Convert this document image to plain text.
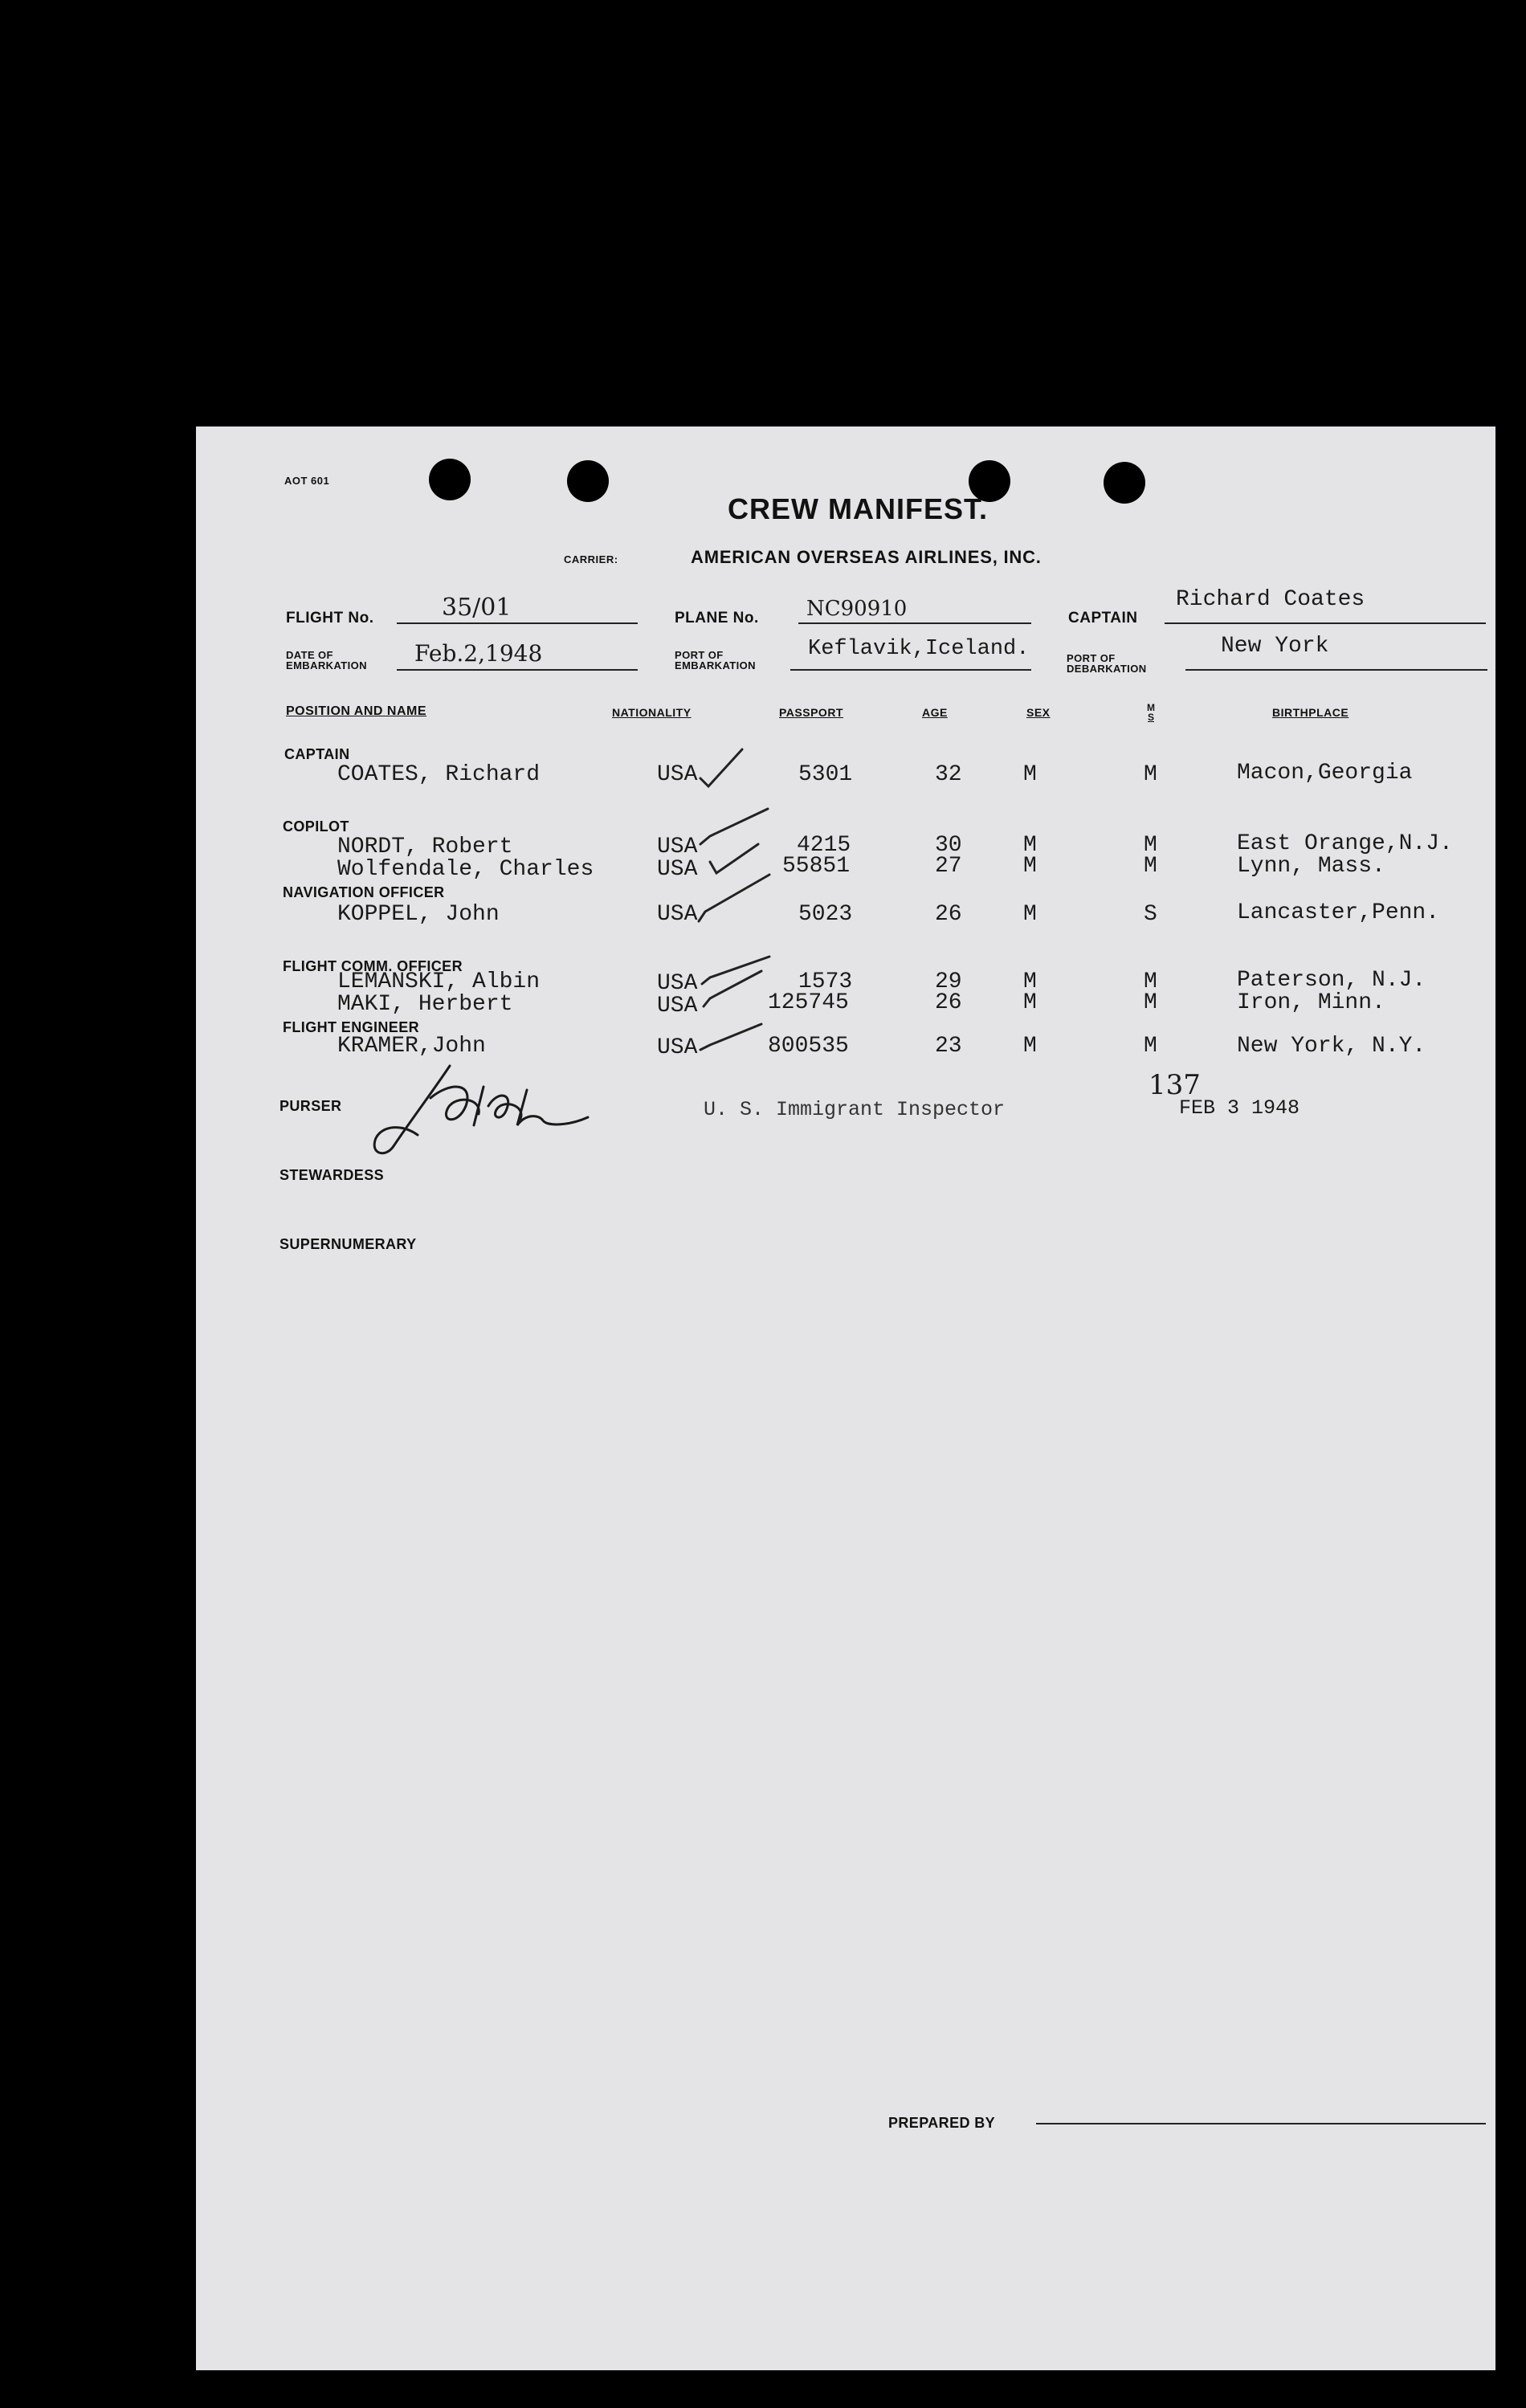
AOT 601
CREW MANIFEST.
CARRIER:	AMERICAN OVERSEAS AIRLINES, INC.
FLIGHT No.	35/01	PLANE No. NC90910	CAPTAIN
Richard Coates
DATE OF
EMBARKATION Feb.2,1948	PORT OF
EMBARKATION
Keflavik,Iceland.	PORT OF
DEBARKATION
New York
POSITION AND NAME	NATIONALITY	PASSPORT	AGE	SEX	M
S	BIRTHPLACE
CAPTAIN
COATES, Richard	USA	5301	32	M	M	Macon,Georgia
COPILOT
NORDT, Robert	USA	4215	30	M	M	East Orange,N.J.
Wolfendale, Charles	USA	55851	27	M	M	Lynn, Mass.
NAVIGATION OFFICER
KOPPEL, John	USA	5023	26	M	S	Lancaster,Penn.
FLIGHT COMM. OFFICER
LEMANSKI, Albin	USA	1573	29	M	M	Paterson, N.J.
MAKI, Herbert	USA	125745	26	M	M	Iron, Minn.
FLIGHT ENGINEER
KRAMER,John	USA	800535	23	M	M	New York, N.Y.
PURSER	U. S. Immigrant Inspector
137
FEB 3 1948
STEWARDESS
SUPERNUMERARY
PREPARED BY
